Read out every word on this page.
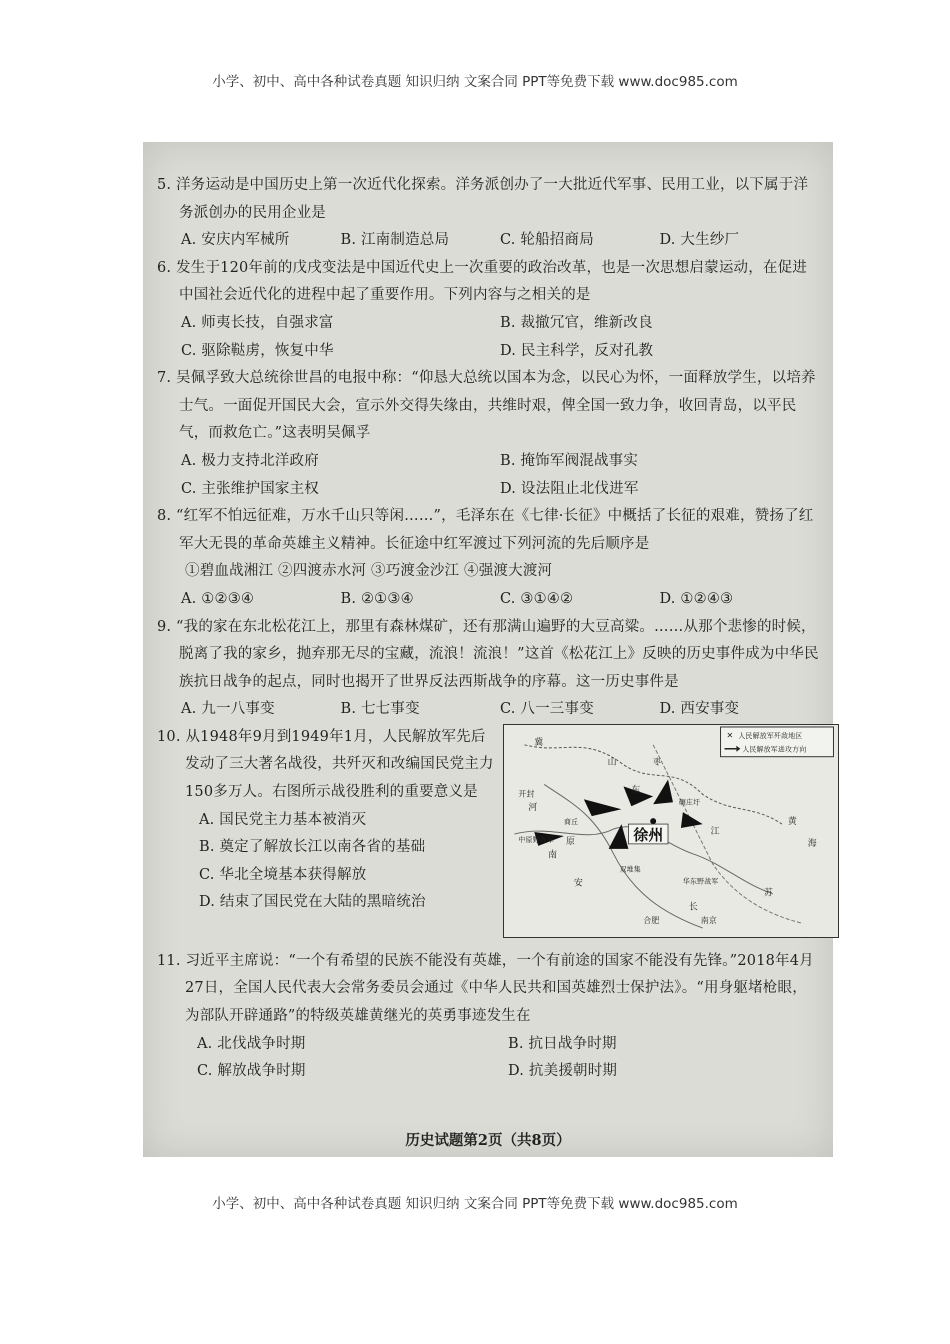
小学、初中、高中各种试卷真题 知识归纳 文案合同 PPT等免费下载 www.doc985.com
5. 洋务运动是中国历史上第一次近代化探索。洋务派创办了一大批近代军事、民用工业，以下属于洋务派创办的民用企业是
A. 安庆内军械所	B. 江南制造总局	C. 轮船招商局	D. 大生纱厂
6. 发生于120年前的戊戌变法是中国近代史上一次重要的政治改革，也是一次思想启蒙运动，在促进中国社会近代化的进程中起了重要作用。下列内容与之相关的是
A. 师夷长技，自强求富	B. 裁撤冗官，维新改良
C. 驱除鞑虏，恢复中华	D. 民主科学，反对孔教
7. 吴佩孚致大总统徐世昌的电报中称：“仰恳大总统以国本为念，以民心为怀，一面释放学生，以培养士气。一面促开国民大会，宣示外交得失缘由，共维时艰，俾全国一致力争，收回青岛，以平民气，而救危亡。”这表明吴佩孚
A. 极力支持北洋政府	B. 掩饰军阀混战事实
C. 主张维护国家主权	D. 设法阻止北伐进军
8. “红军不怕远征难，万水千山只等闲……”，毛泽东在《七律·长征》中概括了长征的艰难，赞扬了红军大无畏的革命英雄主义精神。长征途中红军渡过下列河流的先后顺序是
①碧血战湘江 ②四渡赤水河 ③巧渡金沙江 ④强渡大渡河
A. ①②③④	B. ②①③④	C. ③①④②	D. ①②④③
9. “我的家在东北松花江上，那里有森林煤矿，还有那满山遍野的大豆高粱。……从那个悲惨的时候，脱离了我的家乡，抛弃那无尽的宝藏，流浪！流浪！”这首《松花江上》反映的历史事件成为中华民族抗日战争的起点，同时也揭开了世界反法西斯战争的序幕。这一历史事件是
A. 九一八事变	B. 七七事变	C. 八一三事变	D. 西安事变
10. 从1948年9月到1949年1月，人民解放军先后发动了三大著名战役，共歼灭和改编国民党主力150多万人。右图所示战役胜利的重要意义是
A. 国民党主力基本被消灭
B. 奠定了解放长江以南各省的基础
C. 华北全境基本获得解放
D. 结束了国民党在大陆的黑暗统治
✕ 人民解放军歼敌地区
人民解放军进攻方向
徐州
开封
商丘
合肥	南京
山
东
苏
江
河
安
黄
海
长
冀
枣
碾庄圩
原
南
双堆集
中原野战军
华东野战军
11. 习近平主席说：“一个有希望的民族不能没有英雄，一个有前途的国家不能没有先锋。”2018年4月27日，全国人民代表大会常务委员会通过《中华人民共和国英雄烈士保护法》。“用身躯堵枪眼，为部队开辟通路”的特级英雄黄继光的英勇事迹发生在
A. 北伐战争时期	B. 抗日战争时期
C. 解放战争时期	D. 抗美援朝时期
历史试题第2页（共8页）
小学、初中、高中各种试卷真题 知识归纳 文案合同 PPT等免费下载 www.doc985.com
